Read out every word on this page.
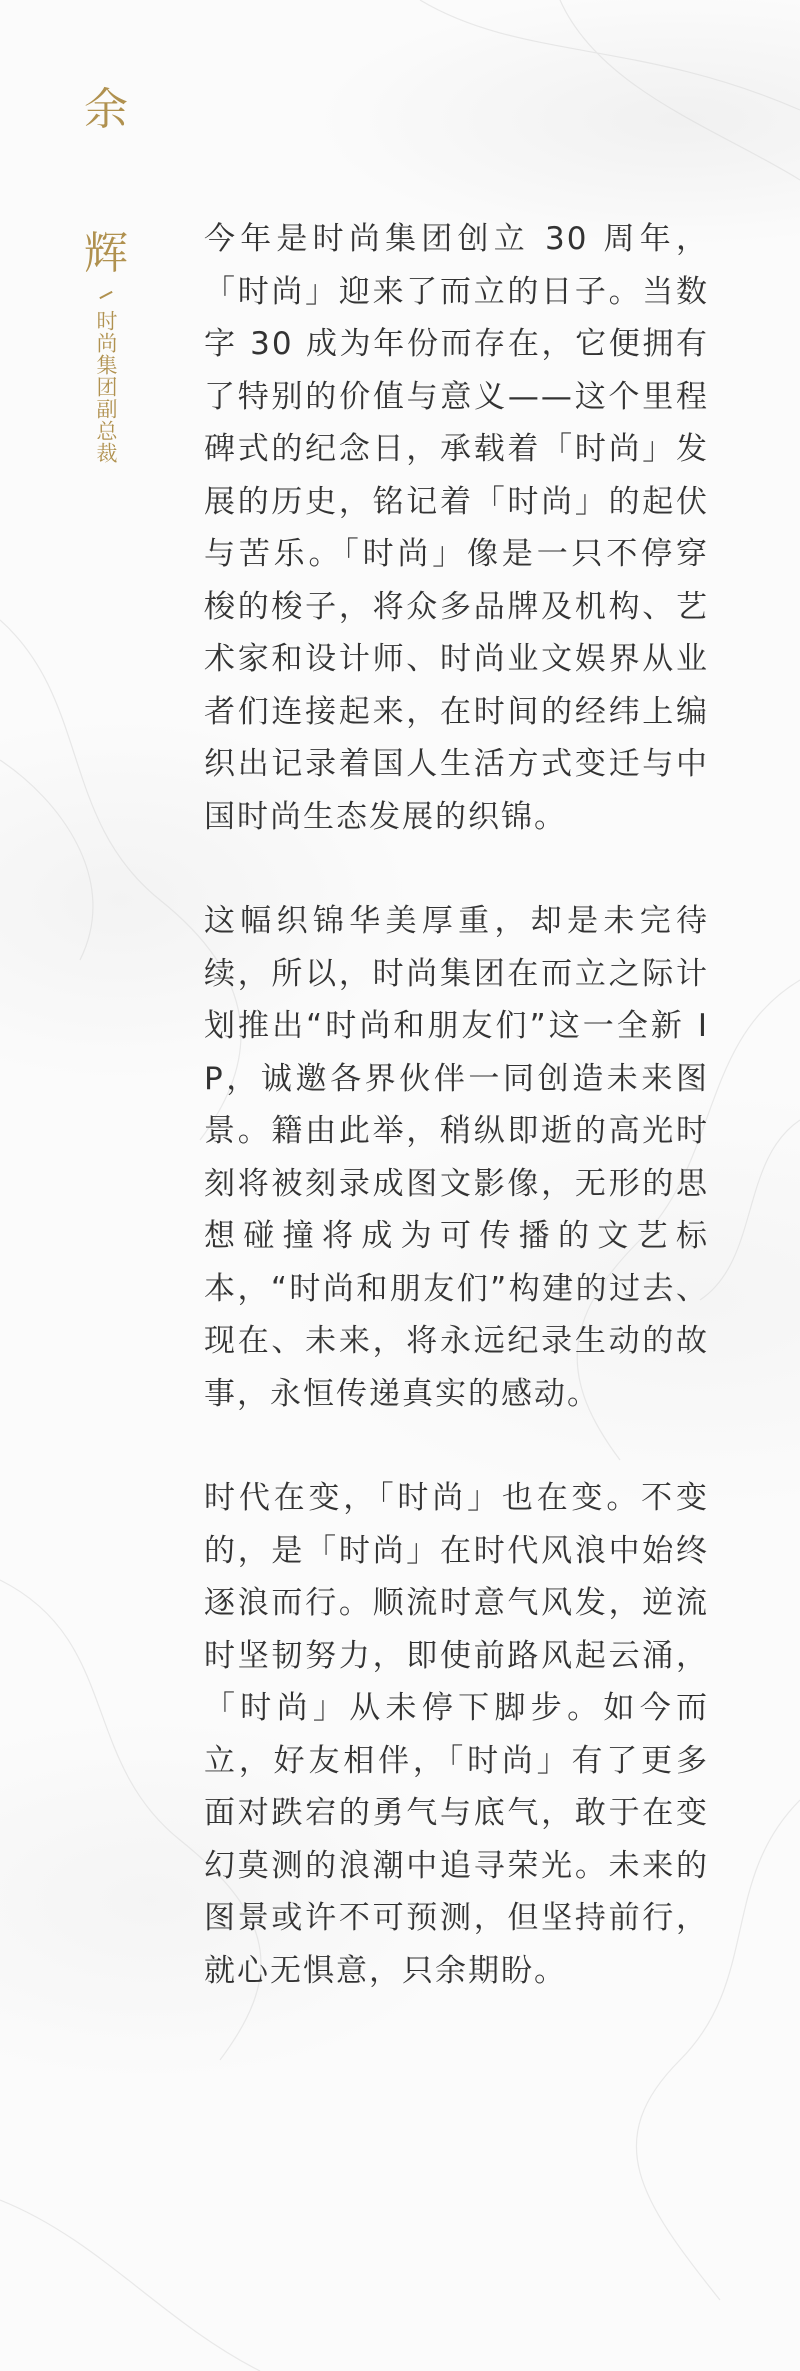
余
辉
时尚集团副总裁

今年是时尚集团创立 30 周年，「时尚」迎来了而立的日子。当数字 30 成为年份而存在，它便拥有了特别的价值与意义——这个里程碑式的纪念日，承载着「时尚」发展的历史，铭记着「时尚」的起伏与苦乐。「时尚」像是一只不停穿梭的梭子，将众多品牌及机构、艺术家和设计师、时尚业文娱界从业者们连接起来，在时间的经纬上编织出记录着国人生活方式变迁与中国时尚生态发展的织锦。

这幅织锦华美厚重，却是未完待续，所以，时尚集团在而立之际计划推出“时尚和朋友们”这一全新 IP，诚邀各界伙伴一同创造未来图景。籍由此举，稍纵即逝的高光时刻将被刻录成图文影像，无形的思想碰撞将成为可传播的文艺标本，“时尚和朋友们”构建的过去、现在、未来，将永远纪录生动的故事，永恒传递真实的感动。

时代在变，「时尚」也在变。不变的，是「时尚」在时代风浪中始终逐浪而行。顺流时意气风发，逆流时坚韧努力，即使前路风起云涌，「时尚」从未停下脚步。如今而立，好友相伴，「时尚」有了更多面对跌宕的勇气与底气，敢于在变幻莫测的浪潮中追寻荣光。未来的图景或许不可预测，但坚持前行，就心无惧意，只余期盼。
